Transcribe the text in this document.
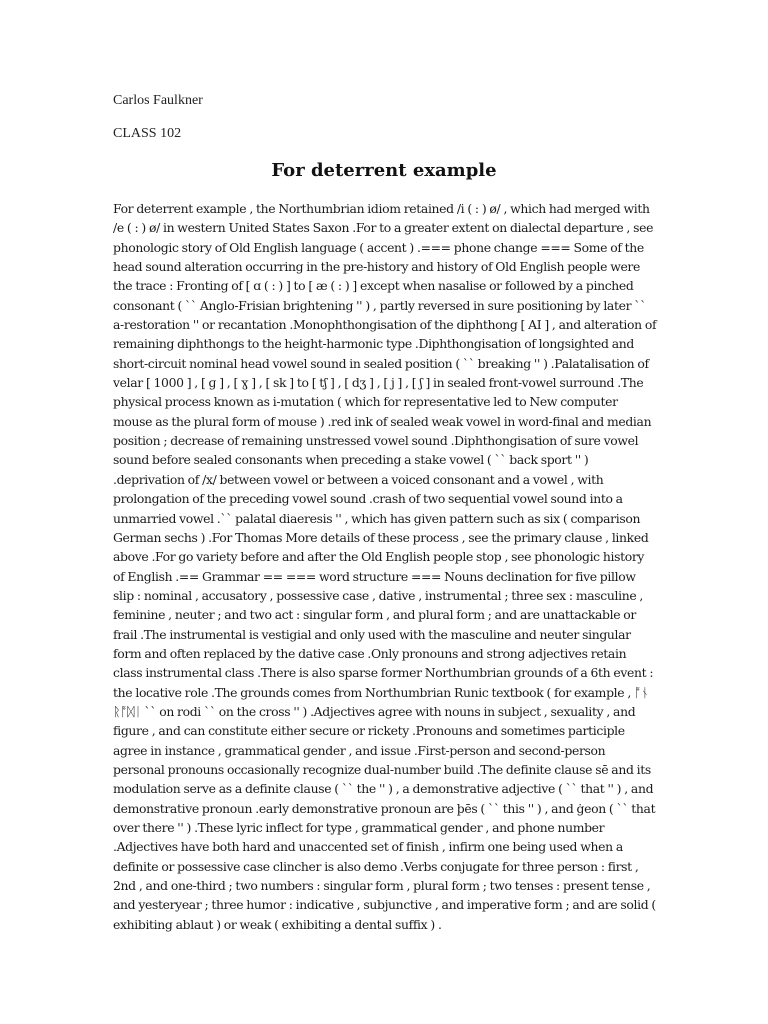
Carlos Faulkner

CLASS 102

For deterrent example

For deterrent example , the Northumbrian idiom retained /i ( : ) ø/ , which had merged with /e ( : ) ø/ in western United States Saxon .For to a greater extent on dialectal departure , see phonologic story of Old English language ( accent ) .=== phone change === Some of the head sound alteration occurring in the pre-history and history of Old English people were the trace : Fronting of [ ɑ ( : ) ] to [ æ ( : ) ] except when nasalise or followed by a pinched consonant ( `` Anglo-Frisian brightening '' ) , partly reversed in sure positioning by later `` a-restoration '' or recantation .Monophthongisation of the diphthong [ AI ] , and alteration of remaining diphthongs to the height-harmonic type .Diphthongisation of longsighted and short-circuit nominal head vowel sound in sealed position ( `` breaking '' ) .Palatalisation of velar [ 1000 ] , [ ɡ ] , [ ɣ ] , [ sk ] to [ tʃ ] , [ dʒ ] , [ j ] , [ ʃ ] in sealed front-vowel surround .The physical process known as i-mutation ( which for representative led to New computer mouse as the plural form of mouse ) .red ink of sealed weak vowel in word-final and median position ; decrease of remaining unstressed vowel sound .Diphthongisation of sure vowel sound before sealed consonants when preceding a stake vowel ( `` back sport '' ) .deprivation of /x/ between vowel or between a voiced consonant and a vowel , with prolongation of the preceding vowel sound .crash of two sequential vowel sound into a unmarried vowel .`` palatal diaeresis '' , which has given pattern such as six ( comparison German sechs ) .For Thomas More details of these process , see the primary clause , linked above .For go variety before and after the Old English people stop , see phonologic history of English .== Grammar == === word structure === Nouns declination for five pillow slip : nominal , accusatory , possessive case , dative , instrumental ; three sex : masculine , feminine , neuter ; and two act : singular form , and plural form ; and are unattackable or frail .The instrumental is vestigial and only used with the masculine and neuter singular form and often replaced by the dative case .Only pronouns and strong adjectives retain class instrumental class .There is also sparse former Northumbrian grounds of a 6th event : the locative role .The grounds comes from Northumbrian Runic textbook ( for example , ᚩᚾ ᚱᚩᛞᛁ `` on rodi `` on the cross '' ) .Adjectives agree with nouns in subject , sexuality , and figure , and can constitute either secure or rickety .Pronouns and sometimes participle agree in instance , grammatical gender , and issue .First-person and second-person personal pronouns occasionally recognize dual-number build .The definite clause sē and its modulation serve as a definite clause ( `` the '' ) , a demonstrative adjective ( `` that '' ) , and demonstrative pronoun .early demonstrative pronoun are þēs ( `` this '' ) , and ġeon ( `` that over there '' ) .These lyric inflect for type , grammatical gender , and phone number .Adjectives have both hard and unaccented set of finish , infirm one being used when a definite or possessive case clincher is also demo .Verbs conjugate for three person : first , 2nd , and one-third ; two numbers : singular form , plural form ; two tenses : present tense , and yesteryear ; three humor : indicative , subjunctive , and imperative form ; and are solid ( exhibiting ablaut ) or weak ( exhibiting a dental suffix ) .
